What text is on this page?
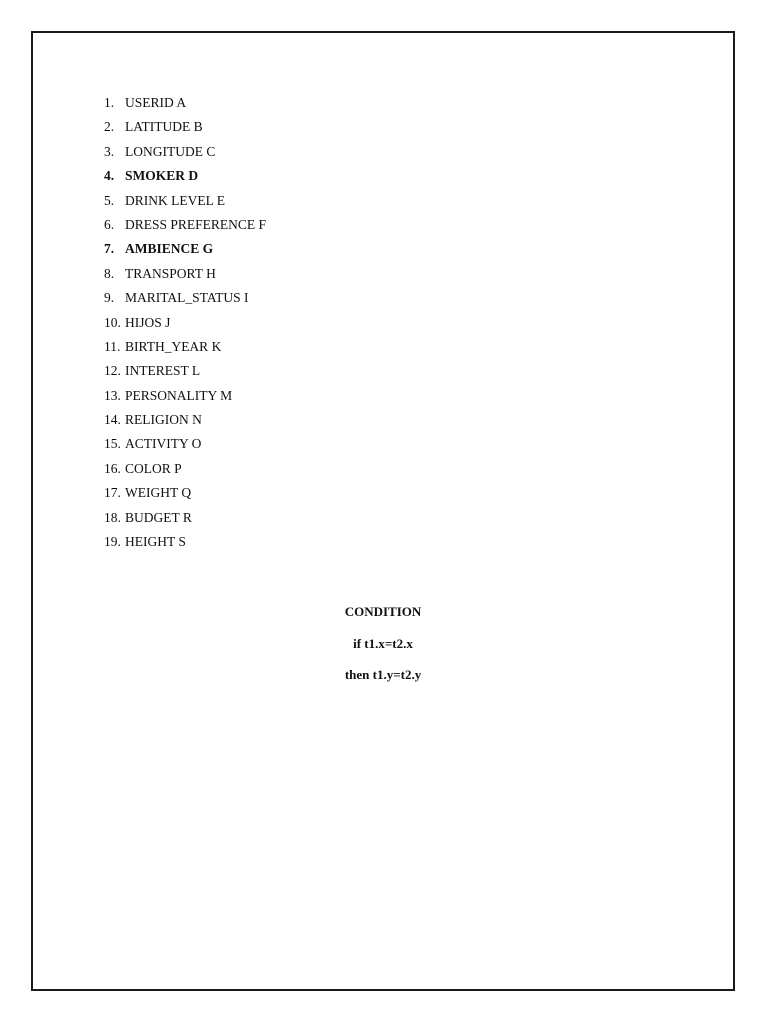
1. USERID A
2. LATITUDE B
3. LONGITUDE C
4. SMOKER D
5. DRINK LEVEL E
6. DRESS PREFERENCE F
7. AMBIENCE G
8. TRANSPORT H
9. MARITAL_STATUS I
10. HIJOS J
11. BIRTH_YEAR K
12. INTEREST L
13. PERSONALITY M
14. RELIGION N
15. ACTIVITY O
16. COLOR P
17. WEIGHT Q
18. BUDGET R
19. HEIGHT S
CONDITION
if t1.x=t2.x
then t1.y=t2.y
